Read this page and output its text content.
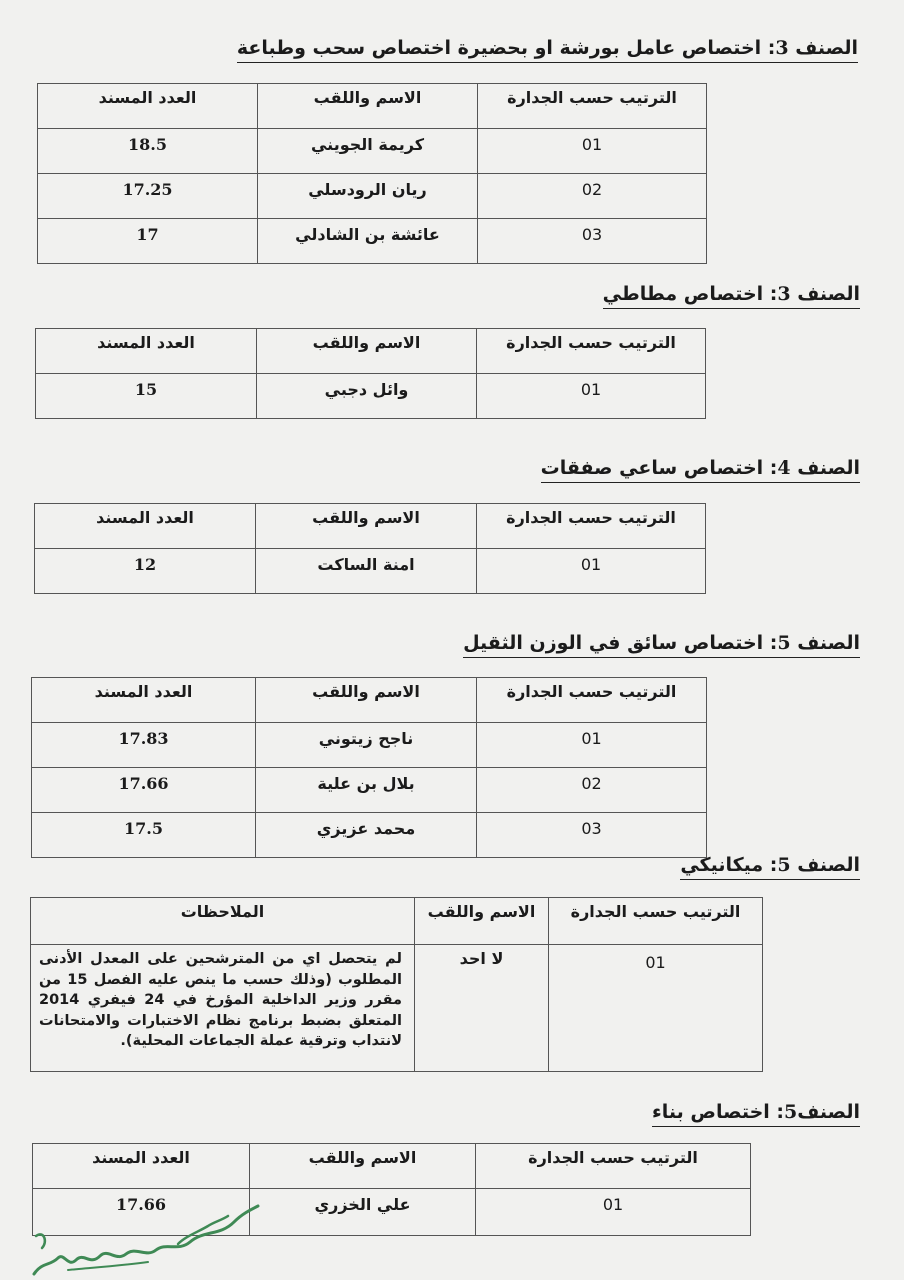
الصنف 3: اختصاص عامل بورشة او بحضيرة اختصاص سحب وطباعة
العدد المسند	الاسم واللقب	الترتيب حسب الجدارة
18.5	كريمة الجويني	01
17.25	ريان الرودسلي	02
17	عائشة بن الشادلي	03
الصنف 3: اختصاص مطاطي
العدد المسند	الاسم واللقب	الترتيب حسب الجدارة
15	وائل دجبي	01
الصنف 4: اختصاص ساعي صفقات
العدد المسند	الاسم واللقب	الترتيب حسب الجدارة
12	امنة الساكت	01
الصنف 5: اختصاص سائق في الوزن الثقيل
العدد المسند	الاسم واللقب	الترتيب حسب الجدارة
17.83	ناجح زيتوني	01
17.66	بلال بن علية	02
17.5	محمد عزيزي	03
الصنف 5: ميكانيكي
الملاحظات	الاسم واللقب	الترتيب حسب الجدارة

لم يتحصل اي من المترشحين على المعدل الأدنى المطلوب (وذلك حسب ما ينص عليه الفصل 15 من مقرر وزير الداخلية المؤرخ في 24 فيفري 2014 المتعلق بضبط برنامج نظام الاختبارات والامتحانات لانتداب وترقية عملة الجماعات المحلية).	لا احد	01
الصنف5: اختصاص بناء
العدد المسند	الاسم واللقب	الترتيب حسب الجدارة
17.66	علي الخزري	01
